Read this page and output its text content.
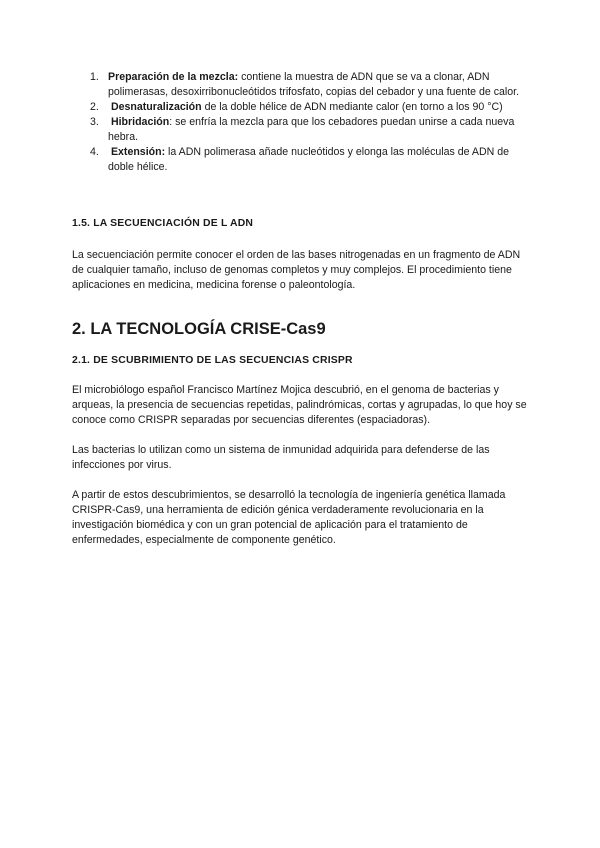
1. Preparación de la mezcla: contiene la muestra de ADN que se va a clonar, ADN polimerasas, desoxirribonucleótidos trifosfato, copias del cebador y una fuente de calor.
2. Desnaturalización de la doble hélice de ADN mediante calor (en torno a los 90 °C)
3. Hibridación: se enfría la mezcla para que los cebadores puedan unirse a cada nueva hebra.
4. Extensión: la ADN polimerasa añade nucleótidos y elonga las moléculas de ADN de doble hélice.
1.5. LA SECUENCIACIÓN DE L ADN

La secuenciación permite conocer el orden de las bases nitrogenadas en un fragmento de ADN de cualquier tamaño, incluso de genomas completos y muy complejos. El procedimiento tiene aplicaciones en medicina, medicina forense o paleontología.

2. LA TECNOLOGÍA CRISE-Cas9
2.1. DE SCUBRIMIENTO DE LAS SECUENCIAS CRISPR

El microbiólogo español Francisco Martínez Mojica descubrió, en el genoma de bacterias y arqueas, la presencia de secuencias repetidas, palindrómicas, cortas y agrupadas, lo que hoy se conoce como CRISPR separadas por secuencias diferentes (espaciadoras).

Las bacterias lo utilizan como un sistema de inmunidad adquirida para defenderse de las infecciones por virus.

A partir de estos descubrimientos, se desarrolló la tecnología de ingeniería genética llamada CRISPR-Cas9, una herramienta de edición génica verdaderamente revolucionaria en la investigación biomédica y con un gran potencial de aplicación para el tratamiento de enfermedades, especialmente de componente genético.
